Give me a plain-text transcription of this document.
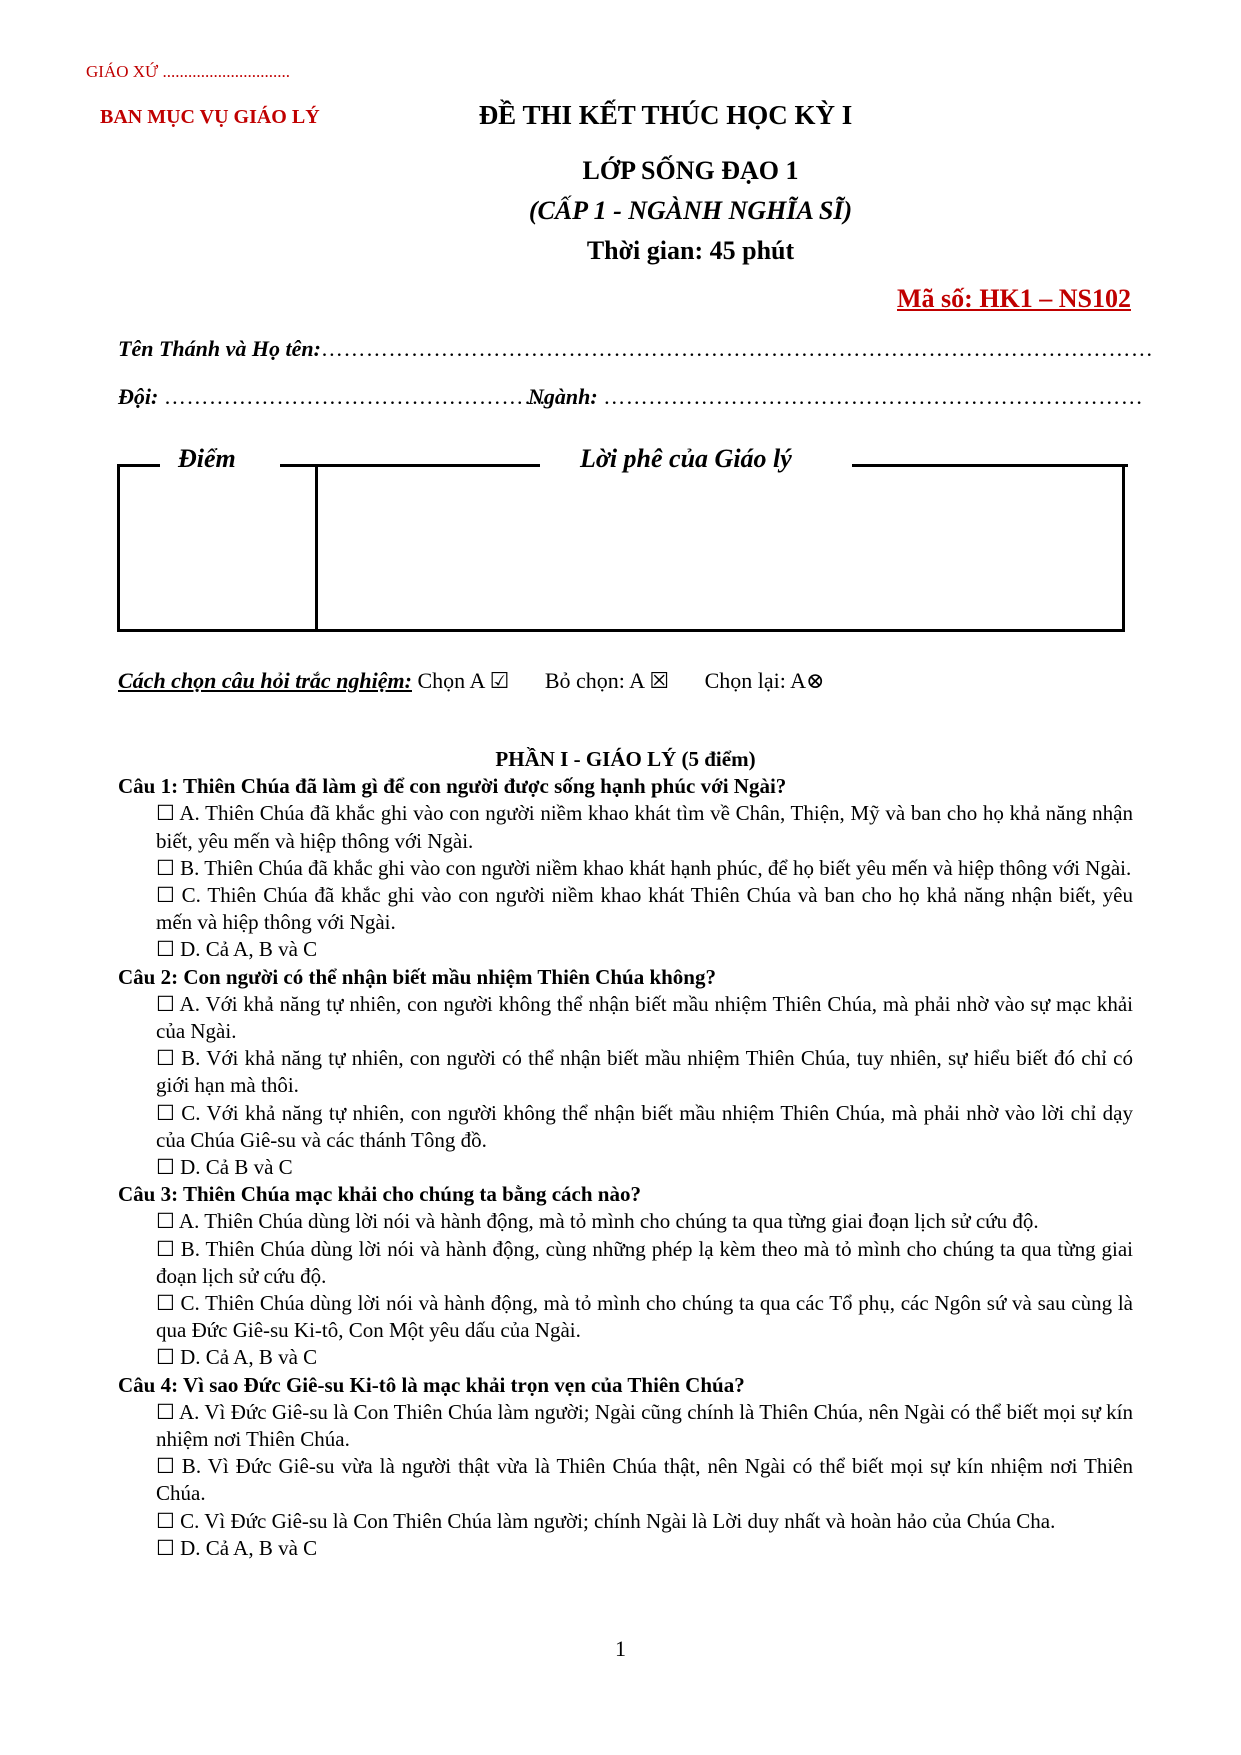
GIÁO XỨ ..............................
BAN MỤC VỤ GIÁO LÝ	ĐỀ THI KẾT THÚC HỌC KỲ I
LỚP SỐNG ĐẠO 1
(CẤP 1 - NGÀNH NGHĨA SĨ)
Thời gian: 45 phút
Mã số: HK1 – NS102
Tên Thánh và Họ tên:…………………………………………………………………………………………………
Đội: ……………………………………………
Ngành: ………………………………………………………………
Điểm	Lời phê của Giáo lý
Cách chọn câu hỏi trắc nghiệm: Chọn A ☑ Bỏ chọn: A ☒ Chọn lại: A⊗
PHẦN I - GIÁO LÝ (5 điểm)
Câu 1: Thiên Chúa đã làm gì để con người được sống hạnh phúc với Ngài?
☐ A. Thiên Chúa đã khắc ghi vào con người niềm khao khát tìm về Chân, Thiện, Mỹ và ban cho họ khả năng nhận biết, yêu mến và hiệp thông với Ngài.
☐ B. Thiên Chúa đã khắc ghi vào con người niềm khao khát hạnh phúc, để họ biết yêu mến và hiệp thông với Ngài.
☐ C. Thiên Chúa đã khắc ghi vào con người niềm khao khát Thiên Chúa và ban cho họ khả năng nhận biết, yêu mến và hiệp thông với Ngài.
☐ D. Cả A, B và C
Câu 2: Con người có thể nhận biết mầu nhiệm Thiên Chúa không?
☐ A. Với khả năng tự nhiên, con người không thể nhận biết mầu nhiệm Thiên Chúa, mà phải nhờ vào sự mạc khải của Ngài.
☐ B. Với khả năng tự nhiên, con người có thể nhận biết mầu nhiệm Thiên Chúa, tuy nhiên, sự hiểu biết đó chỉ có giới hạn mà thôi.
☐ C. Với khả năng tự nhiên, con người không thể nhận biết mầu nhiệm Thiên Chúa, mà phải nhờ vào lời chỉ dạy của Chúa Giê-su và các thánh Tông đồ.
☐ D. Cả B và C
Câu 3: Thiên Chúa mạc khải cho chúng ta bằng cách nào?
☐ A. Thiên Chúa dùng lời nói và hành động, mà tỏ mình cho chúng ta qua từng giai đoạn lịch sử cứu độ.
☐ B. Thiên Chúa dùng lời nói và hành động, cùng những phép lạ kèm theo mà tỏ mình cho chúng ta qua từng giai đoạn lịch sử cứu độ.
☐ C. Thiên Chúa dùng lời nói và hành động, mà tỏ mình cho chúng ta qua các Tổ phụ, các Ngôn sứ và sau cùng là qua Đức Giê-su Ki-tô, Con Một yêu dấu của Ngài.
☐ D. Cả A, B và C
Câu 4: Vì sao Đức Giê-su Ki-tô là mạc khải trọn vẹn của Thiên Chúa?
☐ A. Vì Đức Giê-su là Con Thiên Chúa làm người; Ngài cũng chính là Thiên Chúa, nên Ngài có thể biết mọi sự kín nhiệm nơi Thiên Chúa.
☐ B. Vì Đức Giê-su vừa là người thật vừa là Thiên Chúa thật, nên Ngài có thể biết mọi sự kín nhiệm nơi Thiên Chúa.
☐ C. Vì Đức Giê-su là Con Thiên Chúa làm người; chính Ngài là Lời duy nhất và hoàn hảo của Chúa Cha.
☐ D. Cả A, B và C
1
